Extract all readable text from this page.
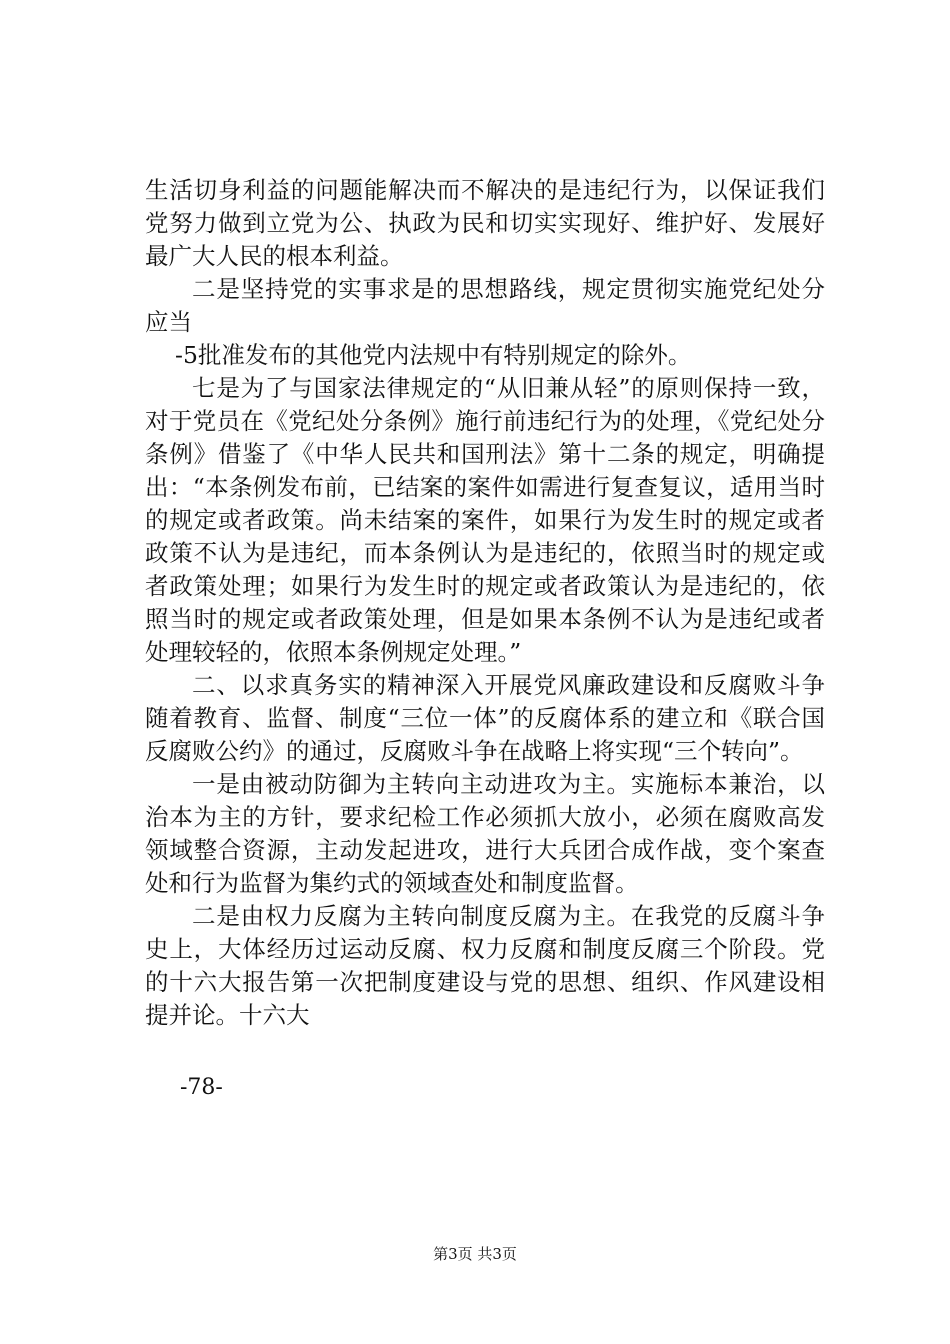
生活切身利益的问题能解决而不解决的是违纪行为，以保证我们党努力做到立党为公、执政为民和切实实现好、维护好、发展好最广大人民的根本利益。

二是坚持党的实事求是的思想路线，规定贯彻实施党纪处分应当

-5批准发布的其他党内法规中有特别规定的除外。

七是为了与国家法律规定的“从旧兼从轻”的原则保持一致，对于党员在《党纪处分条例》施行前违纪行为的处理，《党纪处分条例》借鉴了《中华人民共和国刑法》第十二条的规定，明确提出：“本条例发布前，已结案的案件如需进行复查复议，适用当时的规定或者政策。尚未结案的案件，如果行为发生时的规定或者政策不认为是违纪，而本条例认为是违纪的，依照当时的规定或者政策处理；如果行为发生时的规定或者政策认为是违纪的，依照当时的规定或者政策处理，但是如果本条例不认为是违纪或者处理较轻的，依照本条例规定处理。”

二、以求真务实的精神深入开展党风廉政建设和反腐败斗争随着教育、监督、制度“三位一体”的反腐体系的建立和《联合国反腐败公约》的通过，反腐败斗争在战略上将实现“三个转向”。

一是由被动防御为主转向主动进攻为主。实施标本兼治，以治本为主的方针，要求纪检工作必须抓大放小，必须在腐败高发领域整合资源，主动发起进攻，进行大兵团合成作战，变个案查处和行为监督为集约式的领域查处和制度监督。

二是由权力反腐为主转向制度反腐为主。在我党的反腐斗争史上，大体经历过运动反腐、权力反腐和制度反腐三个阶段。党的十六大报告第一次把制度建设与党的思想、组织、作风建设相提并论。十六大

-78-
第3页 共3页
